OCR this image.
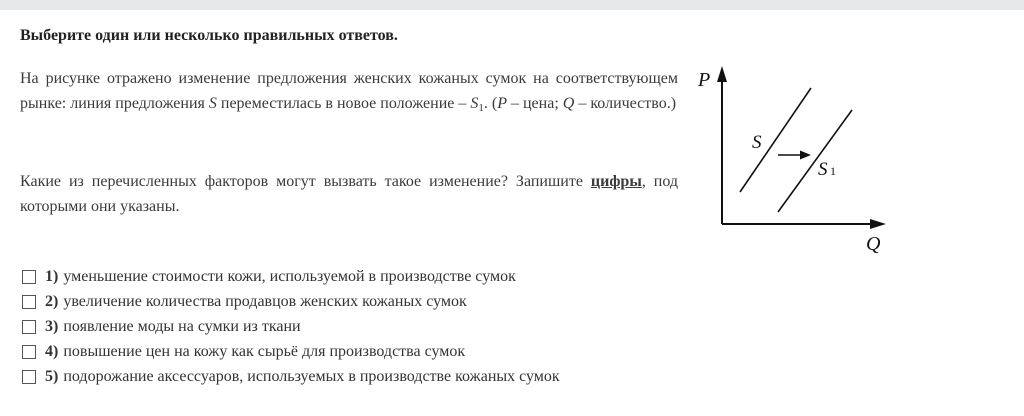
Выберите один или несколько правильных ответов.
На рисунке отражено изменение предложения женских кожаных сумок на соответствующем рынке: линия предложения S переместилась в новое положение – $S_1$. (P – цена; Q – количество.)
Какие из перечисленных факторов могут вызвать такое изменение? Запишите цифры, под которыми они указаны.
P
Q
S
S 1
1) уменьшение стоимости кожи, используемой в производстве сумок
2) увеличение количества продавцов женских кожаных сумок
3) появление моды на сумки из ткани
4) повышение цен на кожу как сырьё для производства сумок
5) подорожание аксессуаров, используемых в производстве кожаных сумок
